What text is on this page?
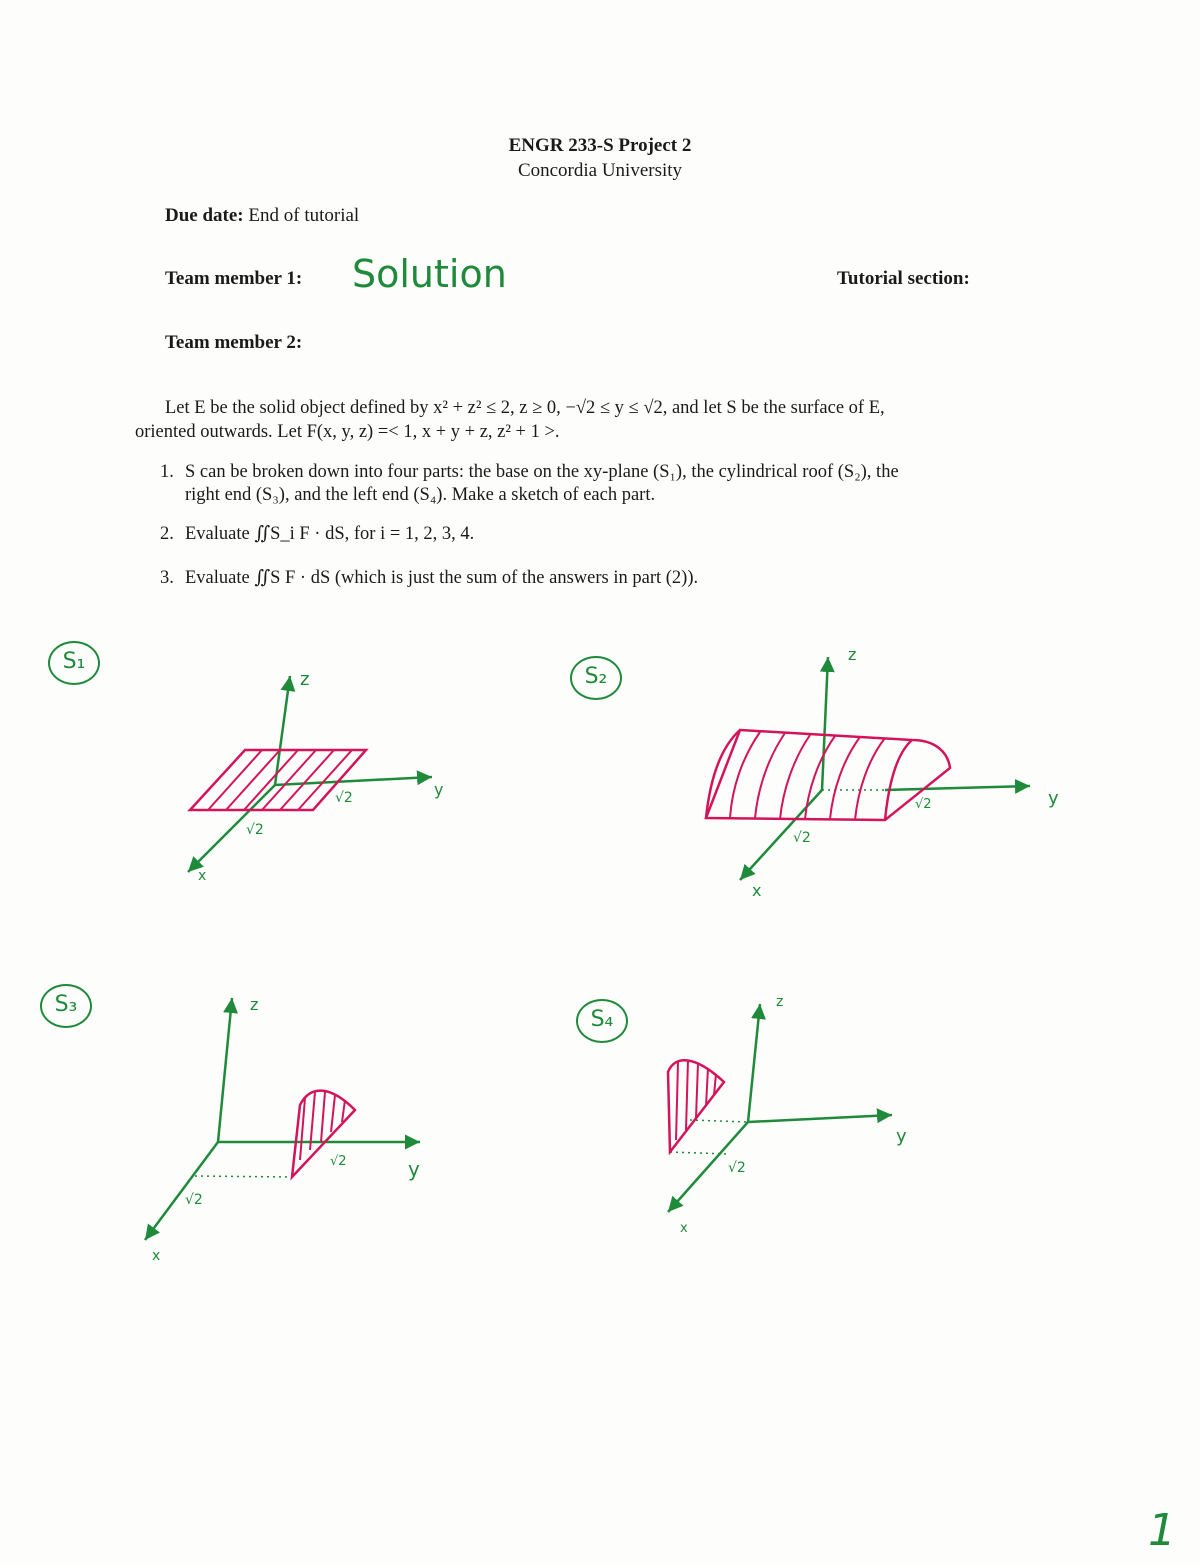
ENGR 233-S Project 2
Concordia University
Due date: End of tutorial
Team member 1: Solution	Tutorial section:
Team member 2:
Let E be the solid object defined by x² + z² ≤ 2, z ≥ 0, −√2 ≤ y ≤ √2, and let S be the surface of E,
oriented outwards. Let F(x, y, z) =< 1, x + y + z, z² + 1 >.
1. S can be broken down into four parts: the base on the xy-plane (S₁), the cylindrical roof (S₂), the
right end (S₃), and the left end (S₄). Make a sketch of each part.
2. Evaluate ∬S_i F · dS, for i = 1, 2, 3, 4.
3. Evaluate ∬S F · dS (which is just the sum of the answers in part (2)).
S₁
S₂
S₃
S₄
z
y
x
√2
√2
z
y
x
√2
√2
z
y
x
√2
√2
z
y
x
√2
1
